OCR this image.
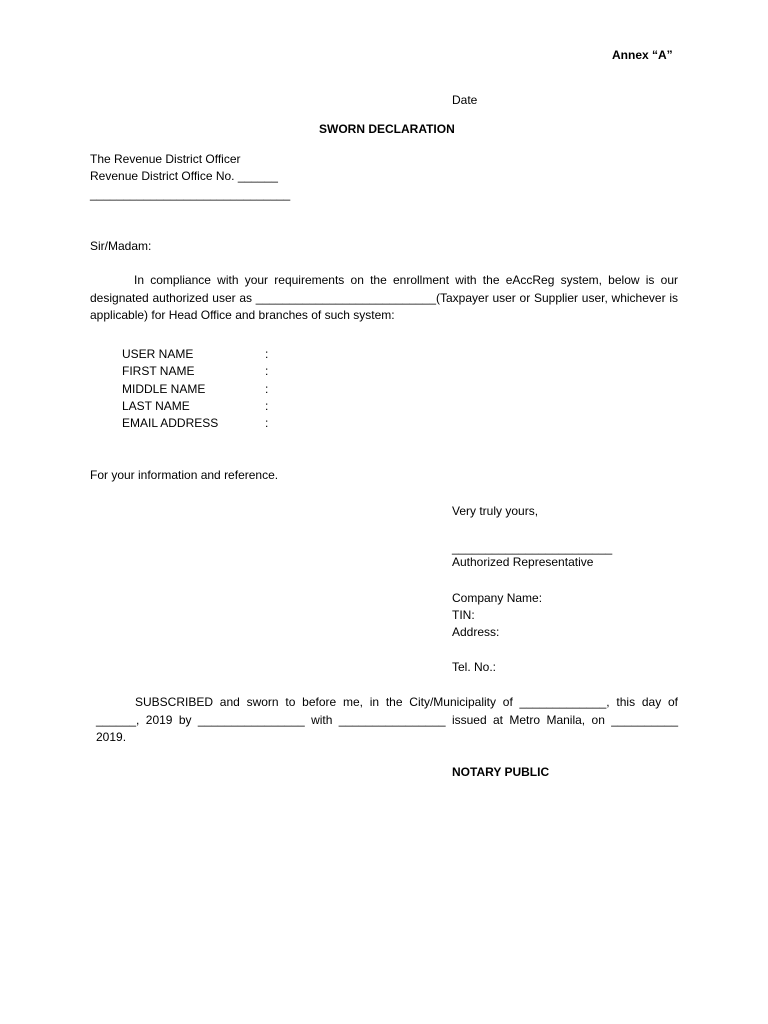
Annex “A”
Date
SWORN DECLARATION
The Revenue District Officer
Revenue District Office No. ______
______________________________
Sir/Madam:
In compliance with your requirements on the enrollment with the eAccReg system, below is our designated authorized user as ___________________________(Taxpayer user or Supplier user, whichever is applicable) for Head Office and branches of such system:
USER NAME	:
FIRST NAME	:
MIDDLE NAME	:
LAST NAME	:
EMAIL ADDRESS	:
For your information and reference.
Very truly yours,
________________________
Authorized Representative
Company Name:
TIN:
Address:
Tel. No.:
SUBSCRIBED and sworn to before me, in the City/Municipality of _____________, this day of
______, 2019 by ________________ with ________________ issued at Metro Manila, on __________
2019.
NOTARY PUBLIC
